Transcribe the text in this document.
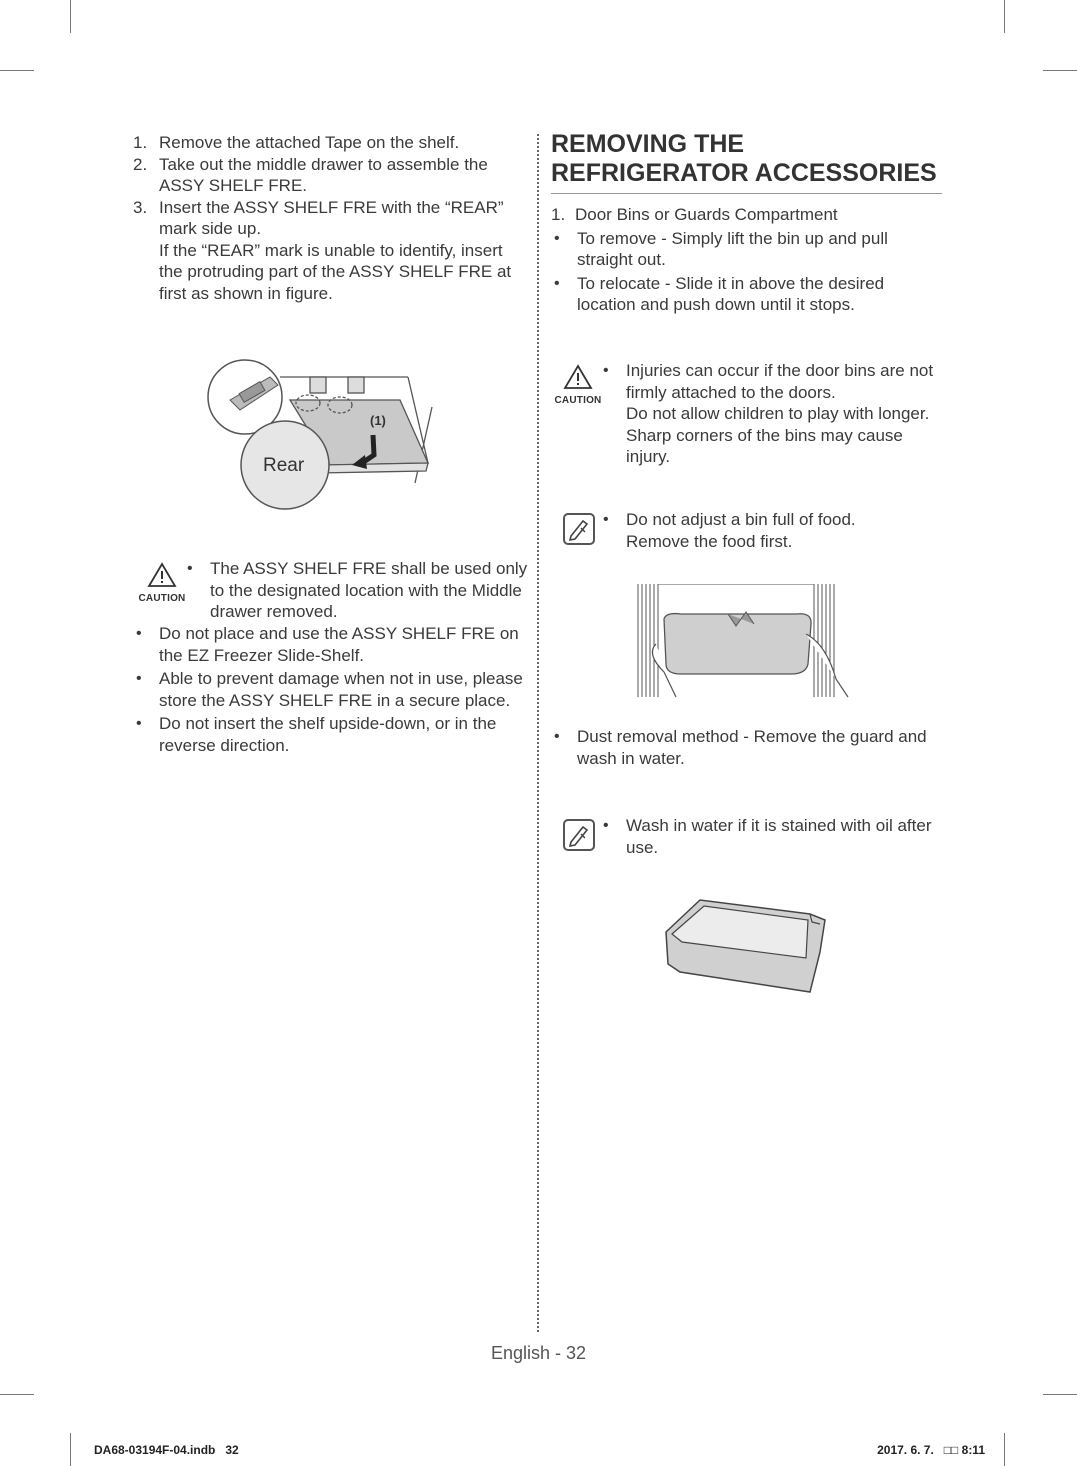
1. Remove the attached Tape on the shelf.
2. Take out the middle drawer to assemble the ASSY SHELF FRE.
3. Insert the ASSY SHELF FRE with the “REAR” mark side up.
If the “REAR” mark is unable to identify, insert the protruding part of the ASSY SHELF FRE at first as shown in figure.
(1)
Rear
CAUTION
• The ASSY SHELF FRE shall be used only to the designated location with the Middle drawer removed.
• Do not place and use the ASSY SHELF FRE on the EZ Freezer Slide-Shelf.
• Able to prevent damage when not in use, please store the ASSY SHELF FRE in a secure place.
• Do not insert the shelf upside-down, or in the reverse direction.
REMOVING THE REFRIGERATOR ACCESSORIES
1. Door Bins or Guards Compartment
• To remove - Simply lift the bin up and pull straight out.
• To relocate - Slide it in above the desired location and push down until it stops.
CAUTION
• Injuries can occur if the door bins are not firmly attached to the doors.
Do not allow children to play with longer. Sharp corners of the bins may cause injury.
• Do not adjust a bin full of food.
Remove the food first.
• Dust removal method - Remove the guard and wash in water.
• Wash in water if it is stained with oil after use.
English - 32
DA68-03194F-04.indb   32	2017. 6. 7.   □□ 8:11
